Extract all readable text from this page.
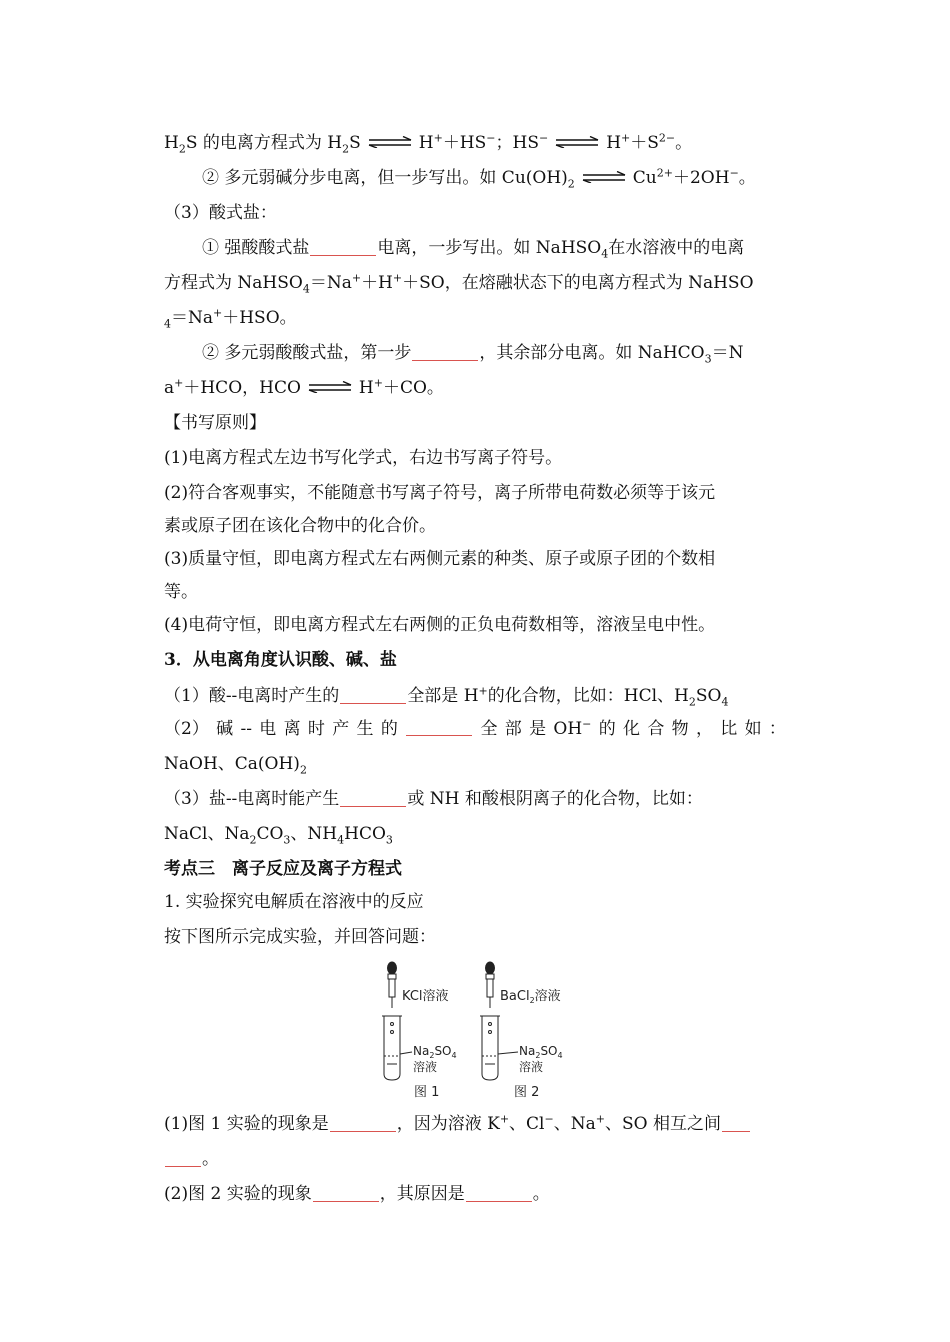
$H_2S$ 的电离方程式为 $H_2S$	H+＋HS−；HS−	$H^++S^{2-}$。
② 多元弱碱分步电离，但一步写出。如 $Cu(OH)_2$	$Cu^{2+}+2OH^-$。
（3）酸式盐：
① 强酸酸式盐	电离，一步写出。如 NaHSO$_4$在水溶液中的电离
方程式为 NaHSO$_4$＝Na+＋H+＋SO，在熔融状态下的电离方程式为 NaHSO
$_4$＝Na+＋HSO。
② 多元弱酸酸式盐，第一步	，其余部分电离。如 NaHCO$_3$＝N
a+＋HCO，HCO	H+＋CO。
【书写原则】
(1)电离方程式左边书写化学式，右边书写离子符号。
(2)符合客观事实，不能随意书写离子符号，离子所带电荷数必须等于该元
素或原子团在该化合物中的化合价。
(3)质量守恒，即电离方程式左右两侧元素的种类、原子或原子团的个数相
等。
(4)电荷守恒，即电离方程式左右两侧的正负电荷数相等，溶液呈电中性。
3．从电离角度认识酸、碱、盐
（1）酸--电离时产生的	全部是 H+的化合物，比如：HCl、$H_2SO_4$
（2） 碱 -- 电 离 时 产 生 的	全 部 是 OH− 的 化 合 物 ， 比 如 ：
NaOH、$Ca(OH)_2$
（3）盐--电离时能产生	或 NH 和酸根阴离子的化合物，比如：
NaCl、$Na_2CO_3$、$NH_4HCO_3$
考点三　离子反应及离子方程式
1. 实验探究电解质在溶液中的反应
按下图所示完成实验，并回答问题：
KCl溶液
$Na_2SO_4$
溶液
图 1
BaCl$_2$溶液
$Na_2SO_4$
溶液
图 2
(1)图 1 实验的现象是	，因为溶液 K+、Cl−、Na+、SO 相互之间
。
(2)图 2 实验的现象	，其原因是	。
